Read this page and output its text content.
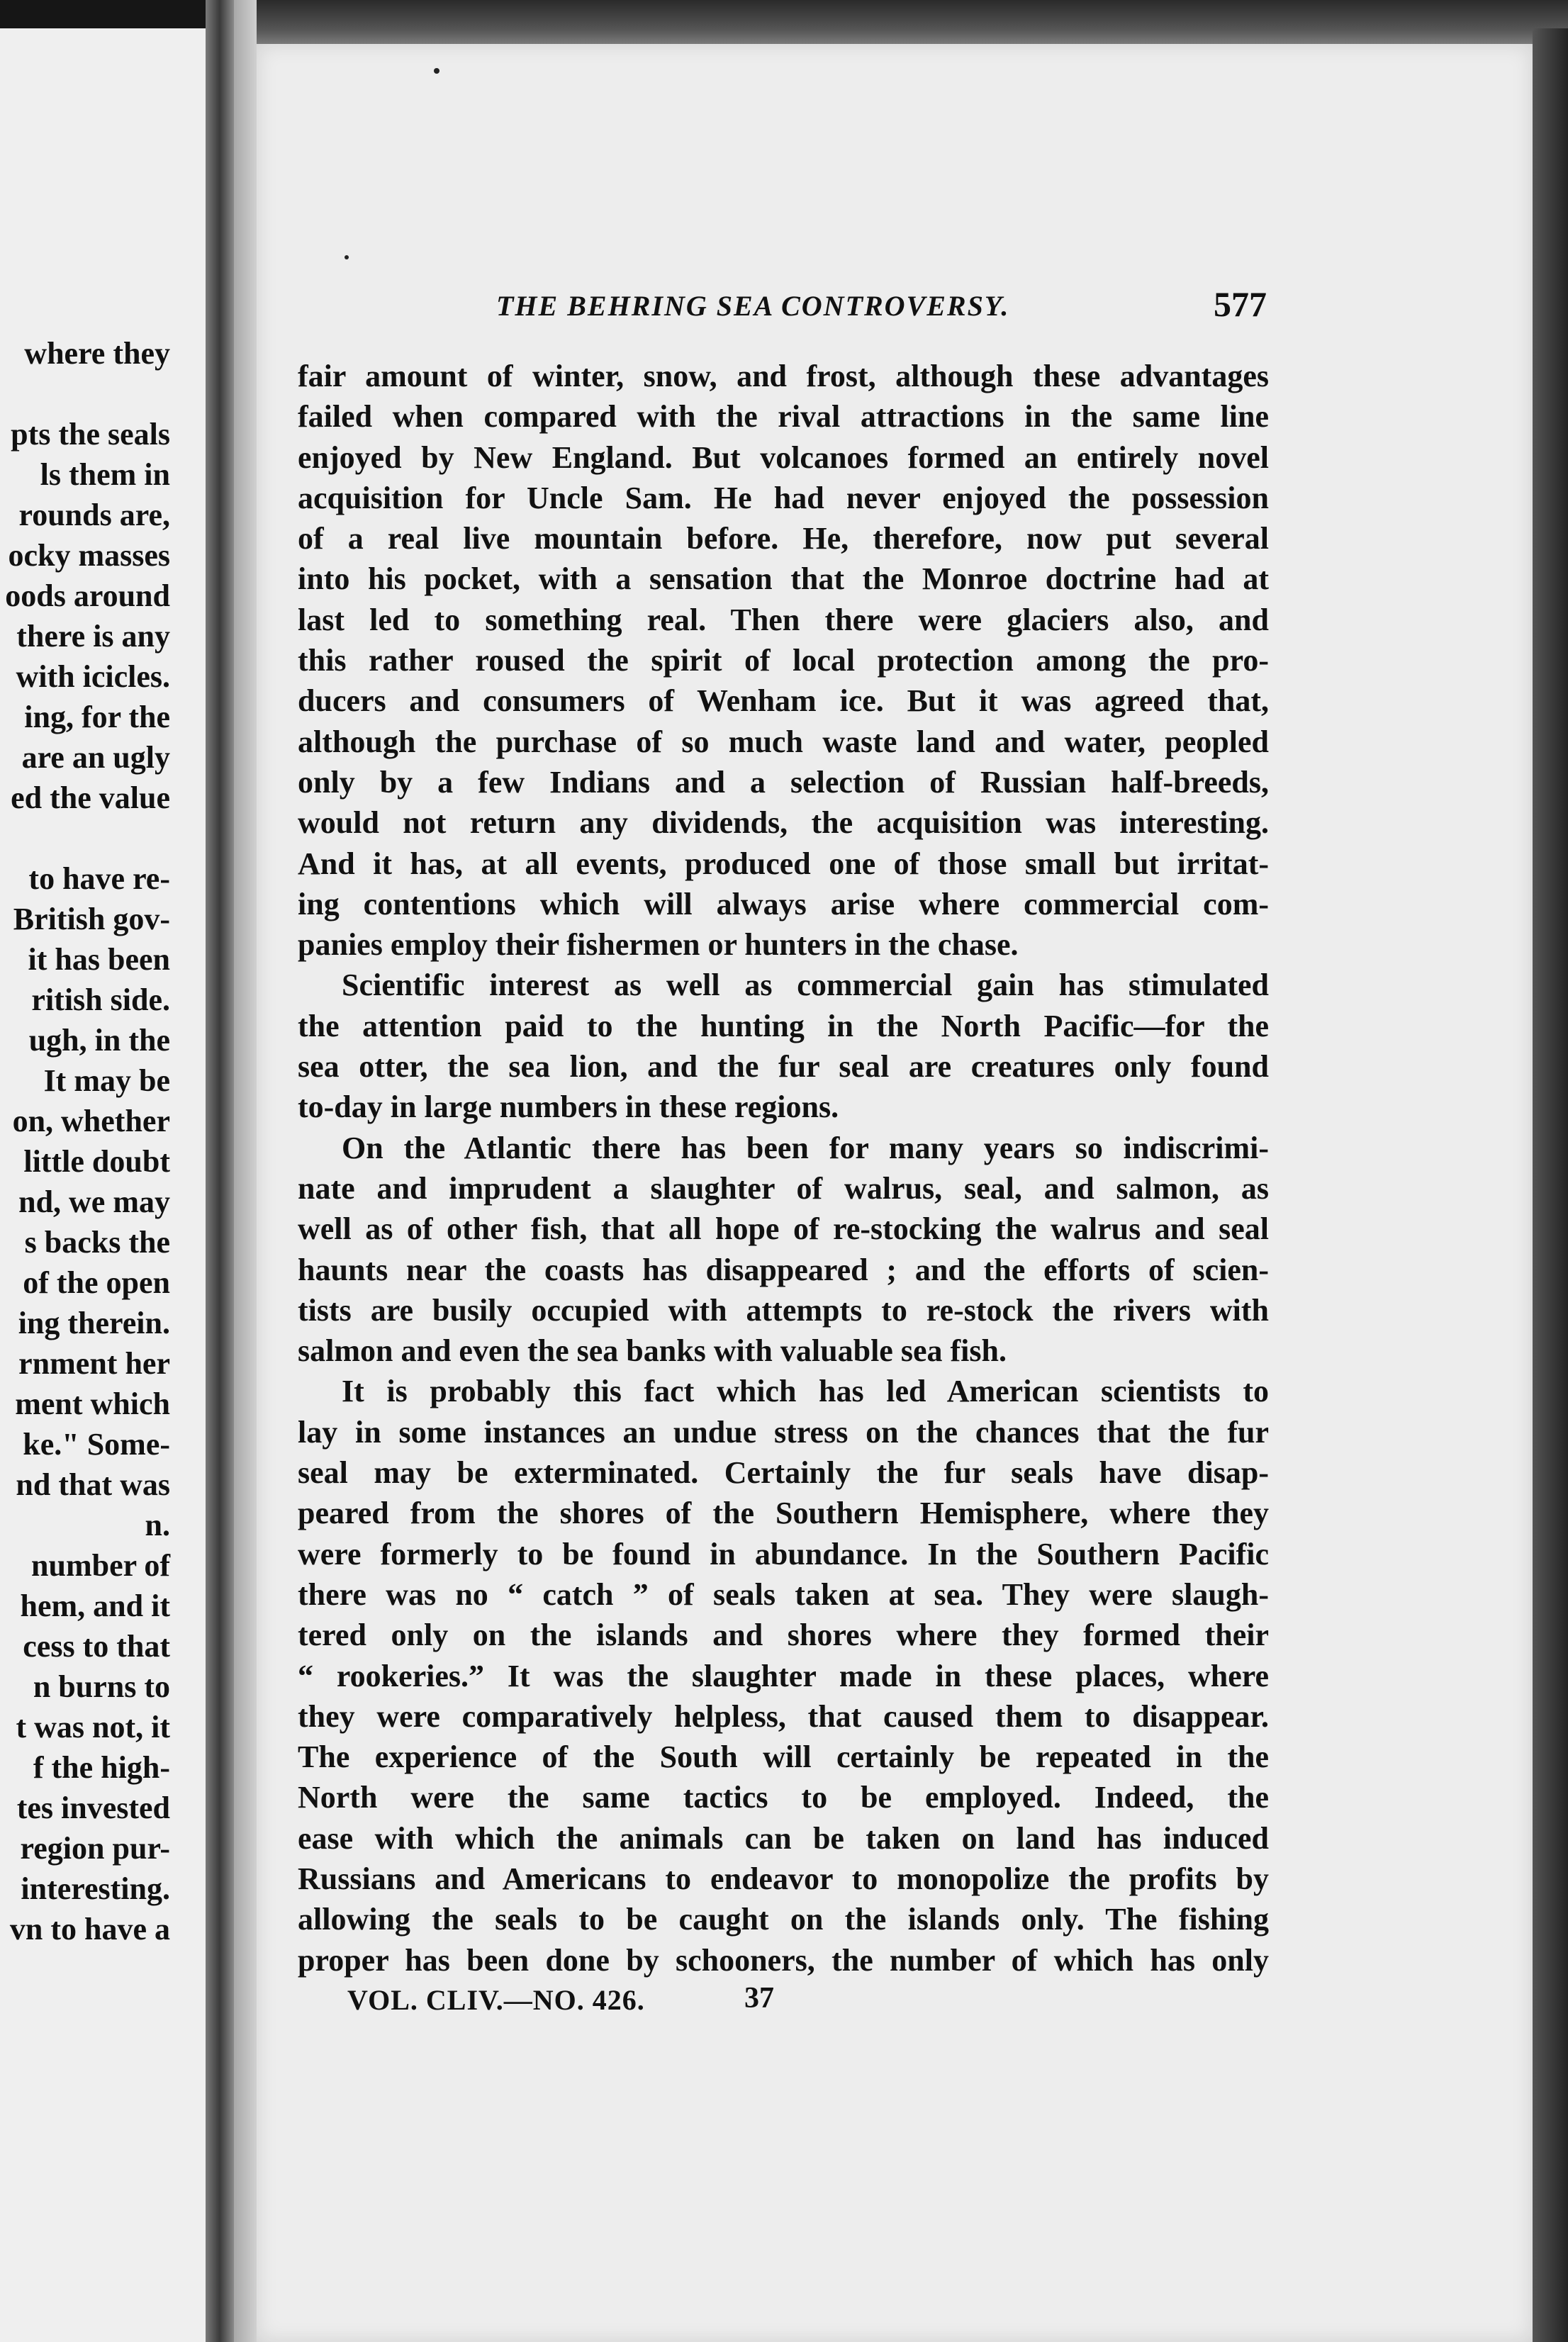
where they
pts the seals
ls them in
rounds are,
ocky masses
oods around
there is any
with icicles.
ing, for the
are an ugly
ed the value
to have re-
British gov-
it has been
ritish side.
ugh, in the
It may be
on, whether
little doubt
nd, we may
s backs the
of the open
ing therein.
rnment her
ment which
ke." Some-
nd that was
n.
number of
hem, and it
cess to that
n burns to
t was not, it
f the high-
tes invested
region pur-
interesting.
vn to have a
THE BEHRING SEA CONTROVERSY.	577
fair amount of winter, snow, and frost, although these advantages
failed when compared with the rival attractions in the same line
enjoyed by New England. But volcanoes formed an entirely novel
acquisition for Uncle Sam. He had never enjoyed the possession
of a real live mountain before. He, therefore, now put several
into his pocket, with a sensation that the Monroe doctrine had at
last led to something real. Then there were glaciers also, and
this rather roused the spirit of local protection among the pro-
ducers and consumers of Wenham ice. But it was agreed that,
although the purchase of so much waste land and water, peopled
only by a few Indians and a selection of Russian half-breeds,
would not return any dividends, the acquisition was interesting.
And it has, at all events, produced one of those small but irritat-
ing contentions which will always arise where commercial com-
panies employ their fishermen or hunters in the chase.
Scientific interest as well as commercial gain has stimulated
the attention paid to the hunting in the North Pacific—for the
sea otter, the sea lion, and the fur seal are creatures only found
to-day in large numbers in these regions.
On the Atlantic there has been for many years so indiscrimi-
nate and imprudent a slaughter of walrus, seal, and salmon, as
well as of other fish, that all hope of re-stocking the walrus and seal
haunts near the coasts has disappeared ; and the efforts of scien-
tists are busily occupied with attempts to re-stock the rivers with
salmon and even the sea banks with valuable sea fish.
It is probably this fact which has led American scientists to
lay in some instances an undue stress on the chances that the fur
seal may be exterminated. Certainly the fur seals have disap-
peared from the shores of the Southern Hemisphere, where they
were formerly to be found in abundance. In the Southern Pacific
there was no “ catch ” of seals taken at sea. They were slaugh-
tered only on the islands and shores where they formed their
“ rookeries.” It was the slaughter made in these places, where
they were comparatively helpless, that caused them to disappear.
The experience of the South will certainly be repeated in the
North were the same tactics to be employed. Indeed, the
ease with which the animals can be taken on land has induced
Russians and Americans to endeavor to monopolize the profits by
allowing the seals to be caught on the islands only. The fishing
proper has been done by schooners, the number of which has only
VOL. CLIV.—NO. 426.	37
